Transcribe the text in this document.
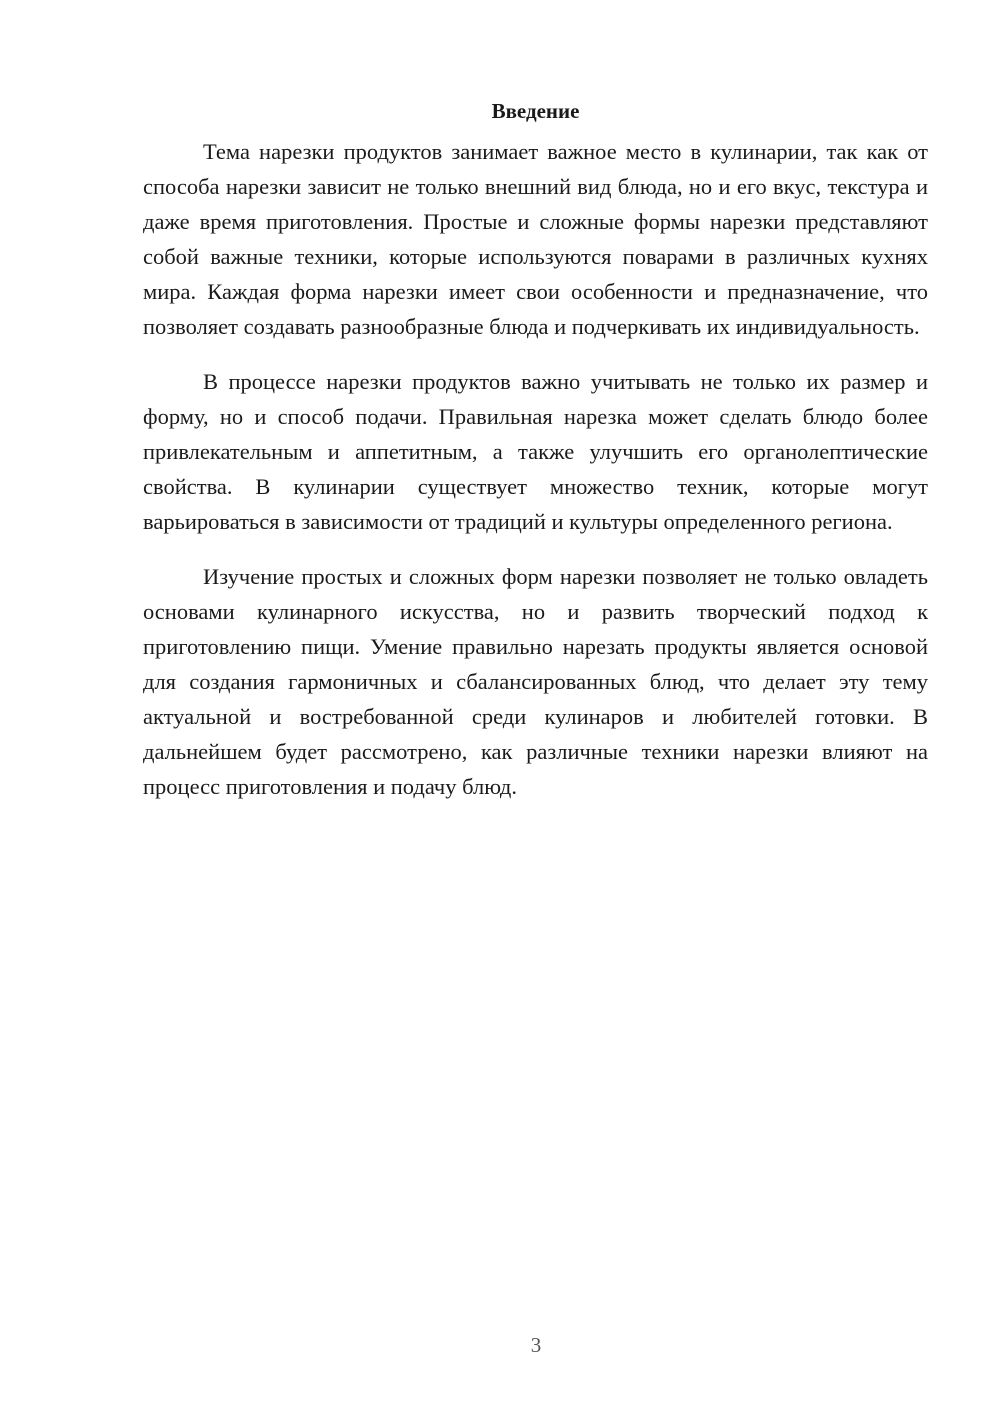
Введение

Тема нарезки продуктов занимает важное место в кулинарии, так как от способа нарезки зависит не только внешний вид блюда, но и его вкус, текстура и даже время приготовления. Простые и сложные формы нарезки представляют собой важные техники, которые используются поварами в различных кухнях мира. Каждая форма нарезки имеет свои особенности и предназначение, что позволяет создавать разнообразные блюда и подчеркивать их индивидуальность.

В процессе нарезки продуктов важно учитывать не только их размер и форму, но и способ подачи. Правильная нарезка может сделать блюдо более привлекательным и аппетитным, а также улучшить его органолептические свойства. В кулинарии существует множество техник, которые могут варьироваться в зависимости от традиций и культуры определенного региона.

Изучение простых и сложных форм нарезки позволяет не только овладеть основами кулинарного искусства, но и развить творческий подход к приготовлению пищи. Умение правильно нарезать продукты является основой для создания гармоничных и сбалансированных блюд, что делает эту тему актуальной и востребованной среди кулинаров и любителей готовки. В дальнейшем будет рассмотрено, как различные техники нарезки влияют на процесс приготовления и подачу блюд.

3
